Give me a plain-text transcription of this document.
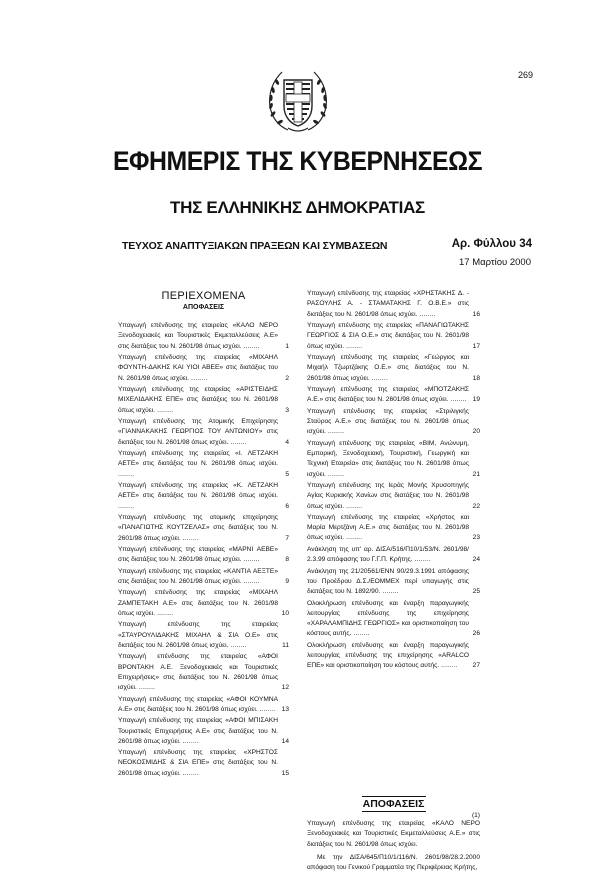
269
ΕΦΗΜΕΡΙΣ ΤΗΣ ΚΥΒΕΡΝΗΣΕΩΣ
ΤΗΣ ΕΛΛΗΝΙΚΗΣ ΔΗΜΟΚΡΑΤΙΑΣ
ΤΕΥΧΟΣ ΑΝΑΠΤΥΞΙΑΚΩΝ ΠΡΑΞΕΩΝ ΚΑΙ ΣΥΜΒΑΣΕΩΝ	Αρ. Φύλλου 34
17 Μαρτίου 2000
ΠΕΡΙΕΧΟΜΕΝΑ
ΑΠΟΦΑΣΕΙΣ
Υπαγωγή επένδυσης της εταιρείας «ΚΑΛΟ ΝΕΡΟ Ξενοδοχειακές και Τουριστικές Εκμεταλλεύσεις Α.Ε» στις διατάξεις του Ν. 2601/98 όπως ισχύει. ........	1
Υπαγωγή επένδυσης της εταιρείας «ΜΙΧΑΗΛ ΦΟΥΝΤΗ-ΔΑΚΗΣ ΚΑΙ ΥΙΟΙ ΑΒΕΕ» στις διατάξεις του Ν. 2601/98 όπως ισχύει. ........	2
Υπαγωγή επένδυσης της εταιρείας «ΑΡΙΣΤΕΙΔΗΣ ΜΙΧΕΛΙΔΑΚΗΣ ΕΠΕ» στις διατάξεις του Ν. 2601/98 όπως ισχύει. ........	3
Υπαγωγή επένδυσης της Ατομικής Επιχείρησης «ΓΙΑΝΝΑΚΑΚΗΣ ΓΕΩΡΓΙΟΣ ΤΟΥ ΑΝΤΩΝΙΟΥ» στις διατάξεις του Ν. 2601/98 όπως ισχύει. ........	4
Υπαγωγή επένδυσης της εταιρείας «Ι. ΛΕΤΖΑΚΗ ΑΕΤΕ» στις διατάξεις του Ν. 2601/98 όπως ισχύει. ........	5
Υπαγωγή επένδυσης της εταιρείας «Κ. ΛΕΤΖΑΚΗ ΑΕΤΕ» στις διατάξεις του Ν. 2601/98 όπως ισχύει. ........	6
Υπαγωγή επένδυσης της ατομικής επιχείρησης «ΠΑΝΑΓΙΩΤΗΣ ΚΟΥΤΖΕΛΑΣ» στις διατάξεις του Ν. 2601/98 όπως ισχύει. ........	7
Υπαγωγή επένδυσης της εταιρείας «ΜΑΡΝΙ ΑΕΒΕ» στις διατάξεις του Ν. 2601/98 όπως ισχύει. ........	8
Υπαγωγή επένδυσης της εταιρείας «ΚΑΝΤΙΑ ΑΕΞΤΕ» στις διατάξεις του Ν. 2601/98 όπως ισχύει. ........	9
Υπαγωγή επένδυσης της εταιρείας «ΜΙΧΑΗΛ ΖΑΜΠΕΤΑΚΗ Α.Ε» στις διατάξεις του Ν. 2601/98 όπως ισχύει. ........	10
Υπαγωγή επένδυσης της εταιρείας «ΣΤΑΥΡΟΥΛΙΔΑΚΗΣ ΜΙΧΑΗΛ & ΣΙΑ Ο.Ε» στις διατάξεις του Ν. 2601/98 όπως ισχύει. ........	11
Υπαγωγή επένδυσης της εταιρείας «ΑΦΟΙ ΒΡΟΝΤΑΚΗ Α.Ε. Ξενοδοχειακές και Τουριστικές Επιχειρήσεις» στις διατάξεις του Ν. 2601/98 όπως ισχύει. ........	12
Υπαγωγή επένδυσης της εταιρείας «ΑΦΟΙ ΚΟΥΜΝΑ Α.Ε» στις διατάξεις του Ν. 2601/98 όπως ισχύει. ........ 13
Υπαγωγή επένδυσης της εταιρείας «ΑΦΟΙ ΜΠΙΣΑΚΗ Τουριστικές Επιχειρήσεις Α.Ε» στις διατάξεις του Ν. 2601/98 όπως ισχύει. ........	14
Υπαγωγή επένδυσης της εταιρείας «ΧΡΗΣΤΟΣ ΝΕΟΚΟΣΜΙΔΗΣ & ΣΙΑ ΕΠΕ» στις διατάξεις του Ν. 2601/98 όπως ισχύει. ........	15
Υπαγωγή επένδυσης της εταιρείας «ΧΡΗΣΤΑΚΗΣ Δ. - ΡΑΣΟΥΛΗΣ Α. - ΣΤΑΜΑΤΑΚΗΣ Γ. Ο.Β.Ε.» στις διατάξεις του Ν. 2601/98 όπως ισχύει. ........	16
Υπαγωγή επένδυσης της εταιρείας «ΠΑΝΑΓΙΩΤΑΚΗΣ ΓΕΩΡΓΙΟΣ & ΣΙΑ Ο.Ε.» στις διατάξεις του Ν. 2601/98 όπως ισχύει. ........	17
Υπαγωγή επένδυσης της εταιρείας «Γεώργιος και Μιχαήλ Τζωρτζάκης Ο.Ε.» στις διατάξεις του Ν. 2601/98 όπως ισχύει. ........	18
Υπαγωγή επένδυσης της εταιρείας «ΜΠΟΤΖΑΚΗΣ Α.Ε.» στις διατάξεις του Ν. 2601/98 όπως ισχύει. ........ 19
Υπαγωγή επένδυσης της εταιρείας «Στριλιγκής Σταύρος Α.Ε.» στις διατάξεις του Ν. 2601/98 όπως ισχύει. ........	20
Υπαγωγή επένδυσης της εταιρείας «ΒΙΜ, Ανώνυμη, Εμπορική, Ξενοδοχειακή, Τουριστική, Γεωργική και Τεχνική Εταιρεία» στις διατάξεις του Ν. 2601/98 όπως ισχύει. ........	21
Υπαγωγή επένδυσης της Ιεράς Μονής Χρυσοπηγής Αγίας Κυριακής Χανίων στις διατάξεις του Ν. 2601/98 όπως ισχύει. ........	22
Υπαγωγή επένδυσης της εταιρείας «Χρήστος και Μαρία Μερτζάνη Α.Ε.» στις διατάξεις του Ν. 2601/98 όπως ισχύει. ........	23
Ανάκληση της υπ' αρ. ΔΙΣΑ/516/Π10/1/53/Ν. 2601/98/ 2.3.99 απόφασης του Γ.Γ.Π. Κρήτης. ........	24
Ανάκληση της 21/20561/ΕΝΝ 90/29.3.1991 απόφασης του Προέδρου Δ.Σ./ΕΟΜΜΕΧ περί υπαγωγής στις διατάξεις του Ν. 1892/90. ........	25
Ολοκλήρωση επένδυσης και έναρξη παραγωγικής λειτουργίας επένδυσης της επιχείρησης «ΧΑΡΑΛΑΜΠΙΔΗΣ ΓΕΩΡΓΙΟΣ» και οριστικοποίηση του κόστους αυτής. ........	26
Ολοκλήρωση επένδυσης και έναρξη παραγωγικής λειτουργίας επένδυσης της επιχείρησης «ARALCO ΕΠΕ» και οριστικοποίηση του κόστους αυτής. ........ 27
ΑΠΟΦΑΣΕΙΣ
(1)
Υπαγωγή επένδυσης της εταιρείας «ΚΑΛΟ ΝΕΡΟ Ξενοδοχειακές και Τουριστικές Εκμεταλλεύσεις Α.Ε.» στις διατάξεις του Ν. 2601/98 όπως ισχύει.
Με την ΔΙΣΑ/645/Π10/1/116/Ν. 2601/98/28.2.2000 απόφαση του Γενικού Γραμματέα της Περιφέρειας Κρήτης,
